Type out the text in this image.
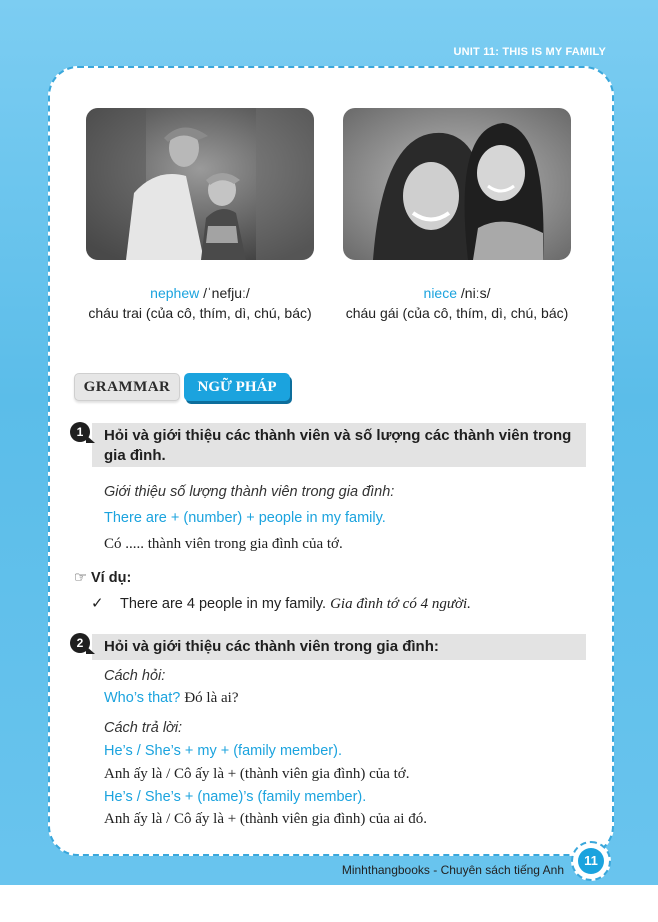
UNIT 11: THIS IS MY FAMILY
nephew /ˈnefjuː/
cháu trai (của cô, thím, dì, chú, bác)
niece /niːs/
cháu gái (của cô, thím, dì, chú, bác)
GRAMMAR	NGỮ PHÁP
1	Hỏi và giới thiệu các thành viên và số lượng các thành viên trong gia đình.
Giới thiệu số lượng thành viên trong gia đình:
There are + (number) + people in my family.
Có ..... thành viên trong gia đình của tớ.
☞ Ví dụ:
✓ There are 4 people in my family. Gia đình tớ có 4 người.
2	Hỏi và giới thiệu các thành viên trong gia đình:
Cách hỏi:
Who’s that? Đó là ai?
Cách trả lời:
He’s / She’s + my + (family member).
Anh ấy là / Cô ấy là + (thành viên gia đình) của tớ.
He’s / She’s + (name)’s (family member).
Anh ấy là / Cô ấy là + (thành viên gia đình) của ai đó.
Minhthangbooks - Chuyên sách tiếng Anh
11
